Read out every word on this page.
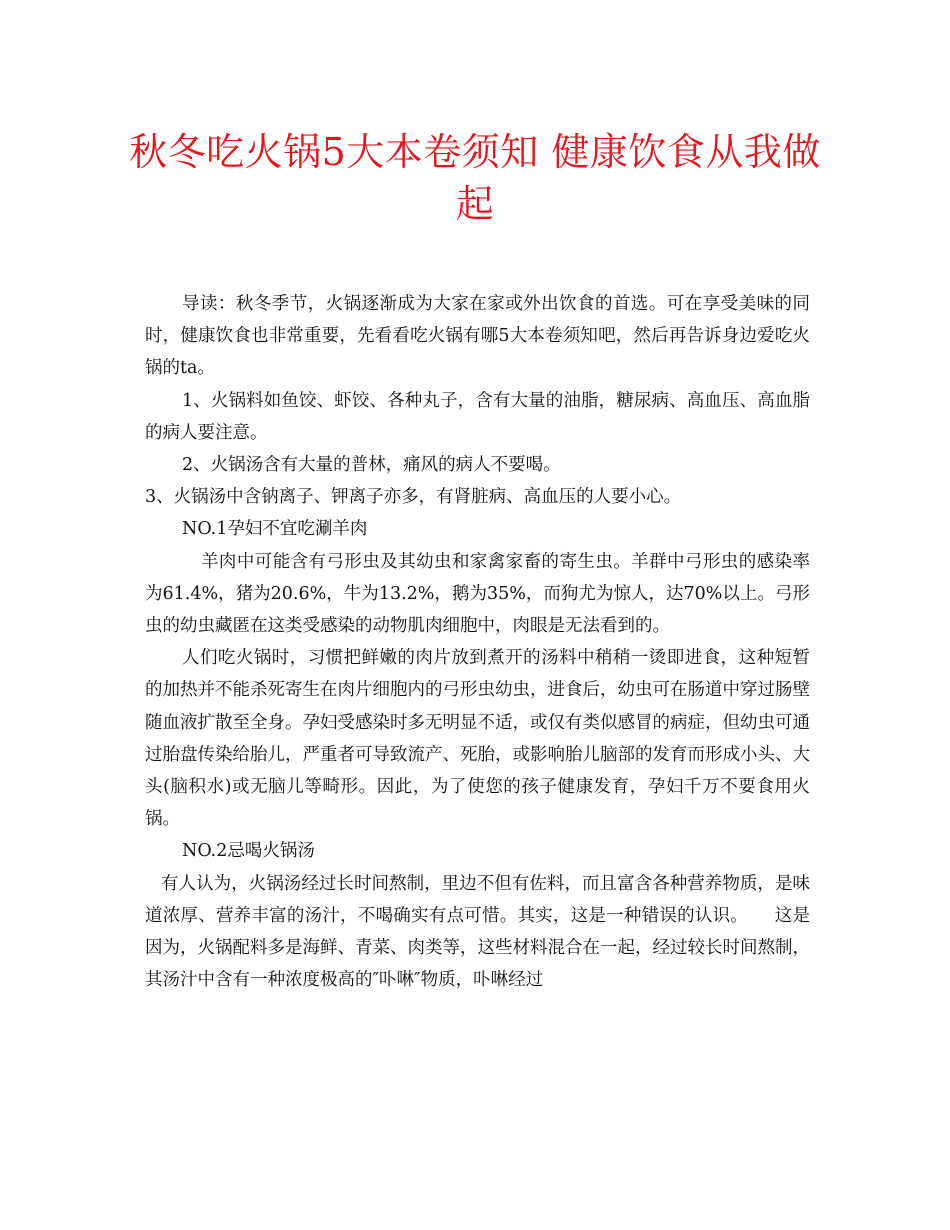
秋冬吃火锅5大本卷须知 健康饮食从我做起

导读：秋冬季节，火锅逐渐成为大家在家或外出饮食的首选。可在享受美味的同时，健康饮食也非常重要，先看看吃火锅有哪5大本卷须知吧，然后再告诉身边爱吃火锅的ta。

1、火锅料如鱼饺、虾饺、各种丸子，含有大量的油脂，糖尿病、高血压、高血脂的病人要注意。

2、火锅汤含有大量的普林，痛风的病人不要喝。

3、火锅汤中含钠离子、钾离子亦多，有肾脏病、高血压的人要小心。

NO.1孕妇不宜吃涮羊肉

羊肉中可能含有弓形虫及其幼虫和家禽家畜的寄生虫。羊群中弓形虫的感染率为61.4%，猪为20.6%，牛为13.2%，鹅为35%，而狗尤为惊人，达70%以上。弓形虫的幼虫藏匿在这类受感染的动物肌肉细胞中，肉眼是无法看到的。

人们吃火锅时，习惯把鲜嫩的肉片放到煮开的汤料中稍稍一烫即进食，这种短暂的加热并不能杀死寄生在肉片细胞内的弓形虫幼虫，进食后，幼虫可在肠道中穿过肠壁随血液扩散至全身。孕妇受感染时多无明显不适，或仅有类似感冒的病症，但幼虫可通过胎盘传染给胎儿，严重者可导致流产、死胎，或影响胎儿脑部的发育而形成小头、大头(脑积水)或无脑儿等畸形。因此，为了使您的孩子健康发育，孕妇千万不要食用火锅。

NO.2忌喝火锅汤

有人认为，火锅汤经过长时间熬制，里边不但有佐料，而且富含各种营养物质，是味道浓厚、营养丰富的汤汁，不喝确实有点可惜。其实，这是一种错误的认识。　　这是因为，火锅配料多是海鲜、青菜、肉类等，这些材料混合在一起，经过较长时间熬制，其汤汁中含有一种浓度极高的″卟啉″物质，卟啉经过
